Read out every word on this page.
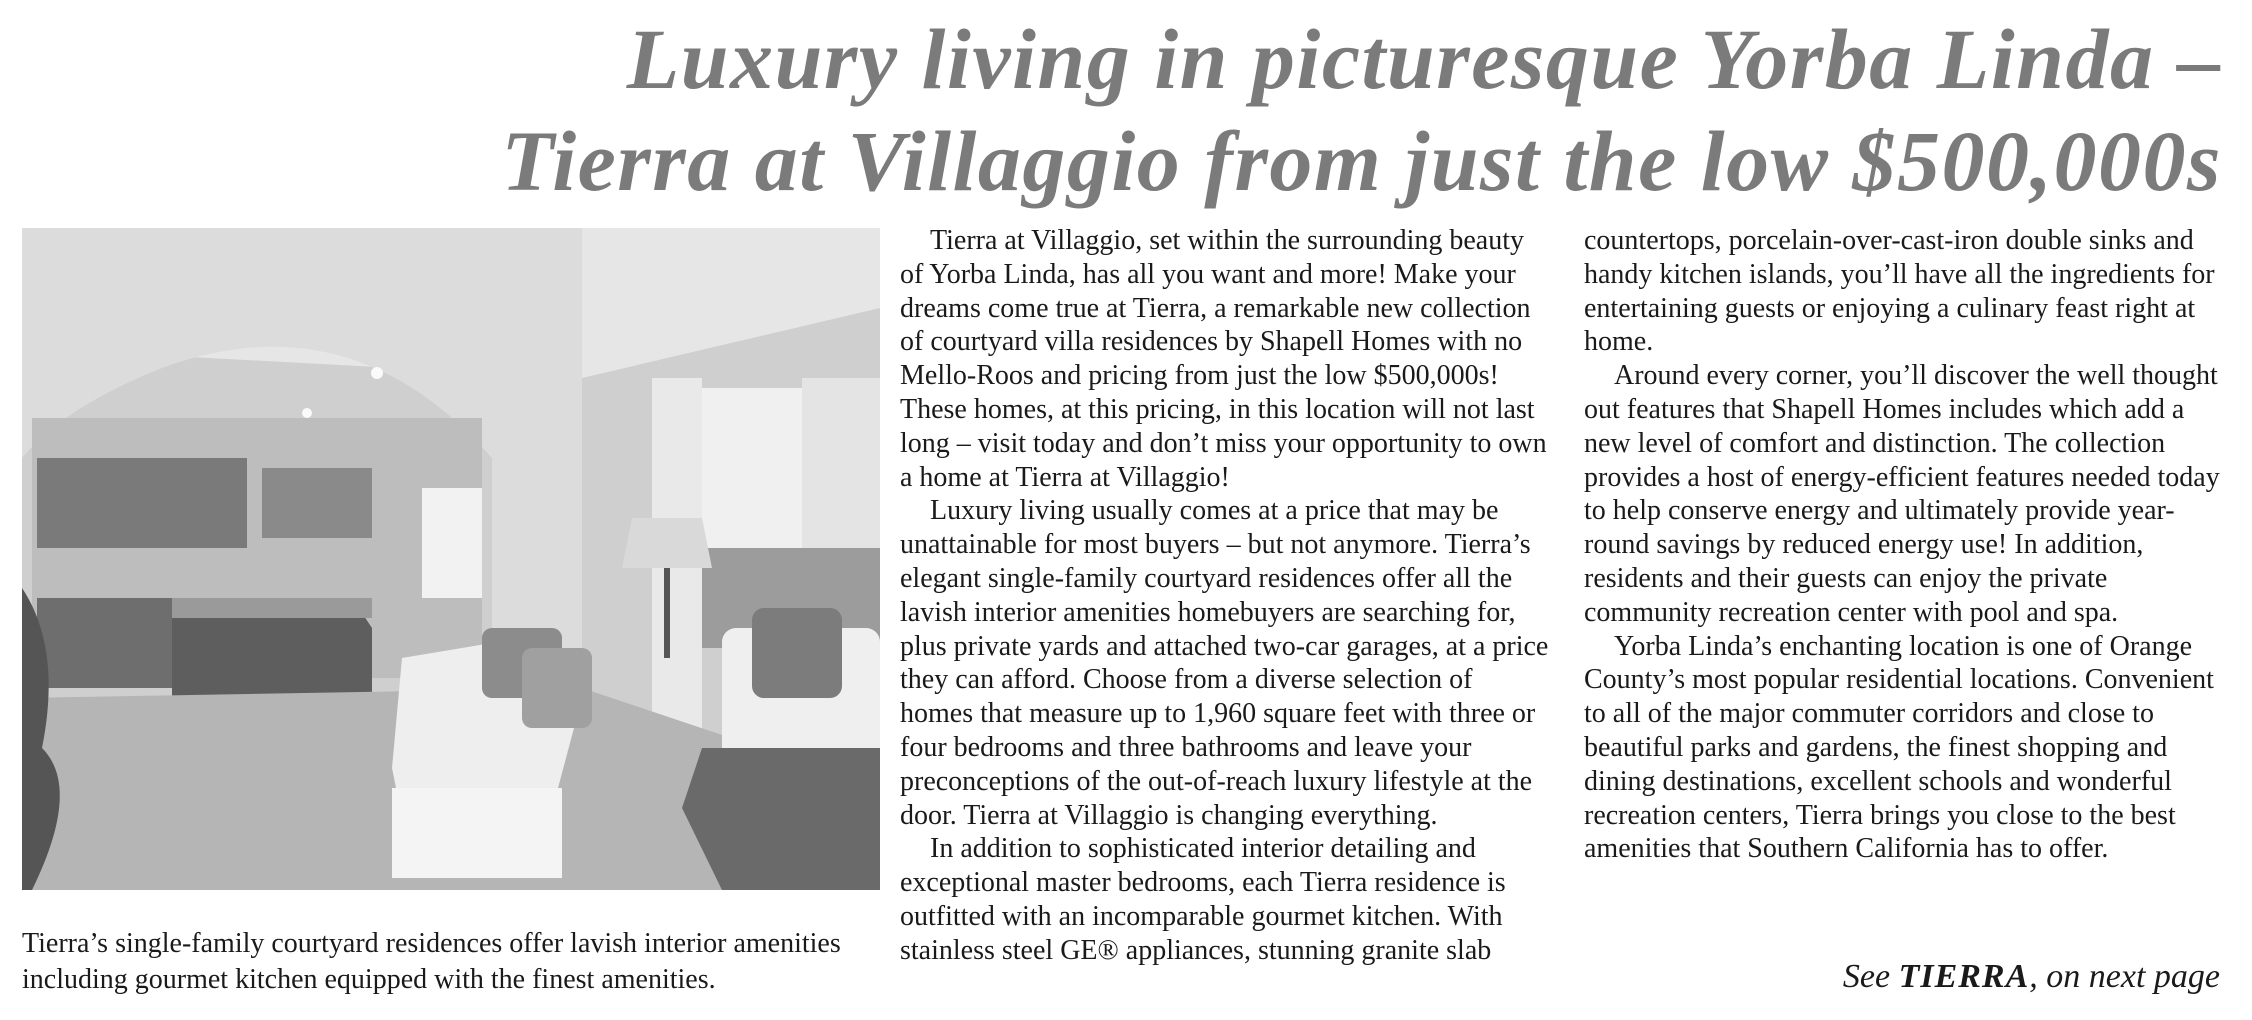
Luxury living in picturesque Yorba Linda –
Tierra at Villaggio from just the low $500,000s
Tierra’s single-family courtyard residences offer lavish interior amenities including gourmet kitchen equipped with the finest amenities.

Tierra at Villaggio, set within the surrounding beauty of Yorba Linda, has all you want and more! Make your dreams come true at Tierra, a remarkable new collection of courtyard villa residences by Shapell Homes with no Mello-Roos and pricing from just the low $500,000s! These homes, at this pricing, in this location will not last long – visit today and don’t miss your opportunity to own a home at Tierra at Villaggio!

Luxury living usually comes at a price that may be unattainable for most buyers – but not anymore. Tierra’s elegant single-family courtyard residences offer all the lavish interior amenities homebuyers are searching for, plus private yards and attached two-car garages, at a price they can afford. Choose from a diverse selection of homes that measure up to 1,960 square feet with three or four bedrooms and three bathrooms and leave your preconceptions of the out-of-reach luxury lifestyle at the door. Tierra at Villaggio is changing everything.

In addition to sophisticated interior detailing and exceptional master bedrooms, each Tierra residence is outfitted with an incomparable gourmet kitchen. With stainless steel GE® appliances, stunning granite slab

countertops, porcelain-over-cast-iron double sinks and handy kitchen islands, you’ll have all the ingredients for entertaining guests or enjoying a culinary feast right at home.

Around every corner, you’ll discover the well thought out features that Shapell Homes includes which add a new level of comfort and distinction. The collection provides a host of energy-efficient features needed today to help conserve energy and ultimately provide year-round savings by reduced energy use! In addition, residents and their guests can enjoy the private community recreation center with pool and spa.

Yorba Linda’s enchanting location is one of Orange County’s most popular residential locations. Convenient to all of the major commuter corridors and close to beautiful parks and gardens, the finest shopping and dining destinations, excellent schools and wonderful recreation centers, Tierra brings you close to the best amenities that Southern California has to offer.

See TIERRA, on next page
